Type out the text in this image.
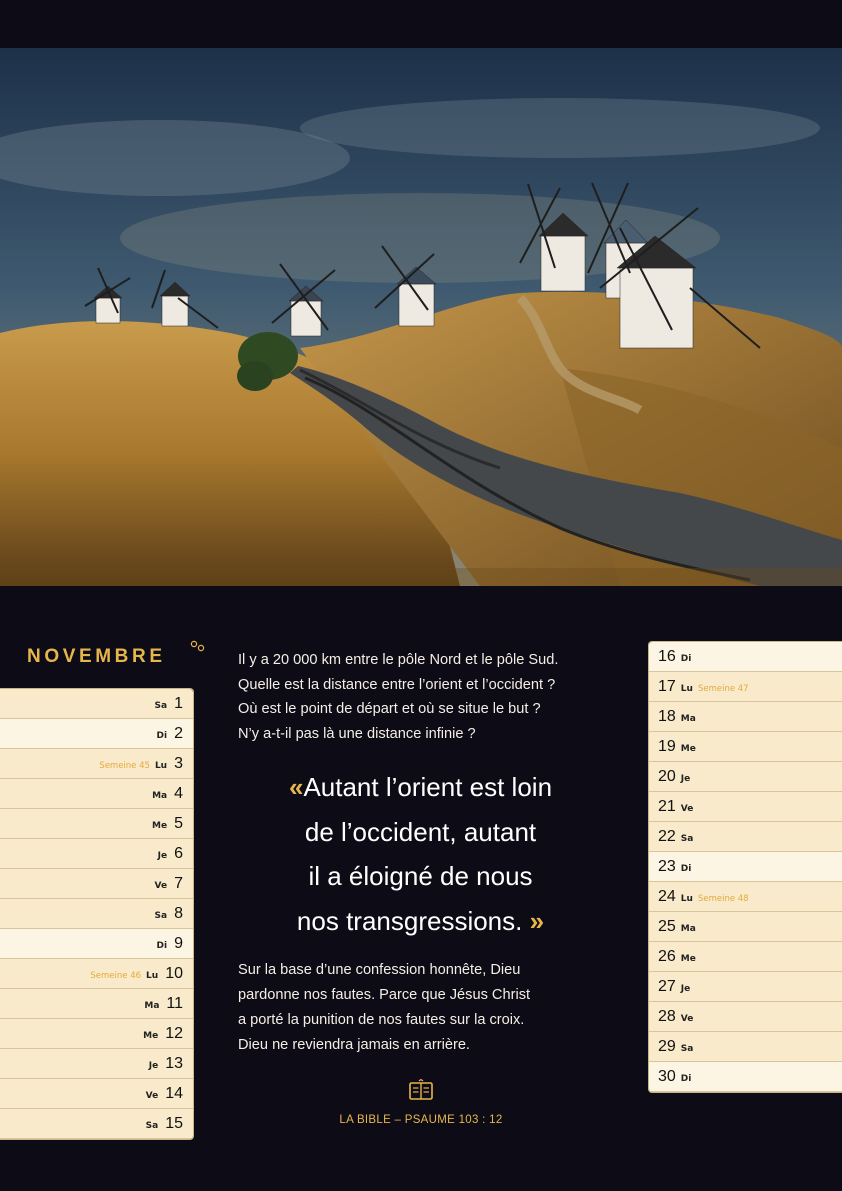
NOVEMBRE
Sa 1
Di 2
Semeine 45 Lu 3
Ma 4
Me 5
Je 6
Ve 7
Sa 8
Di 9
Semeine 46 Lu 10
Ma 11
Me 12
Je 13
Ve 14
Sa 15
16 Di
17 Lu Semeine 47
18 Ma
19 Me
20 Je
21 Ve
22 Sa
23 Di
24 Lu Semeine 48
25 Ma
26 Me
27 Je
28 Ve
29 Sa
30 Di

Il y a 20 000 km entre le pôle Nord et le pôle Sud.

Quelle est la distance entre l’orient et l’occident ?

Où est le point de départ et où se situe le but ?

N’y a-t-il pas là une distance infinie ?

«Autant l’orient est loin

de l’occident, autant

il a éloigné de nous

nos transgressions. »

Sur la base d’une confession honnête, Dieu

pardonne nos fautes. Parce que Jésus Christ

a porté la punition de nos fautes sur la croix.

Dieu ne reviendra jamais en arrière.

LA BIBLE – PSAUME 103 : 12
